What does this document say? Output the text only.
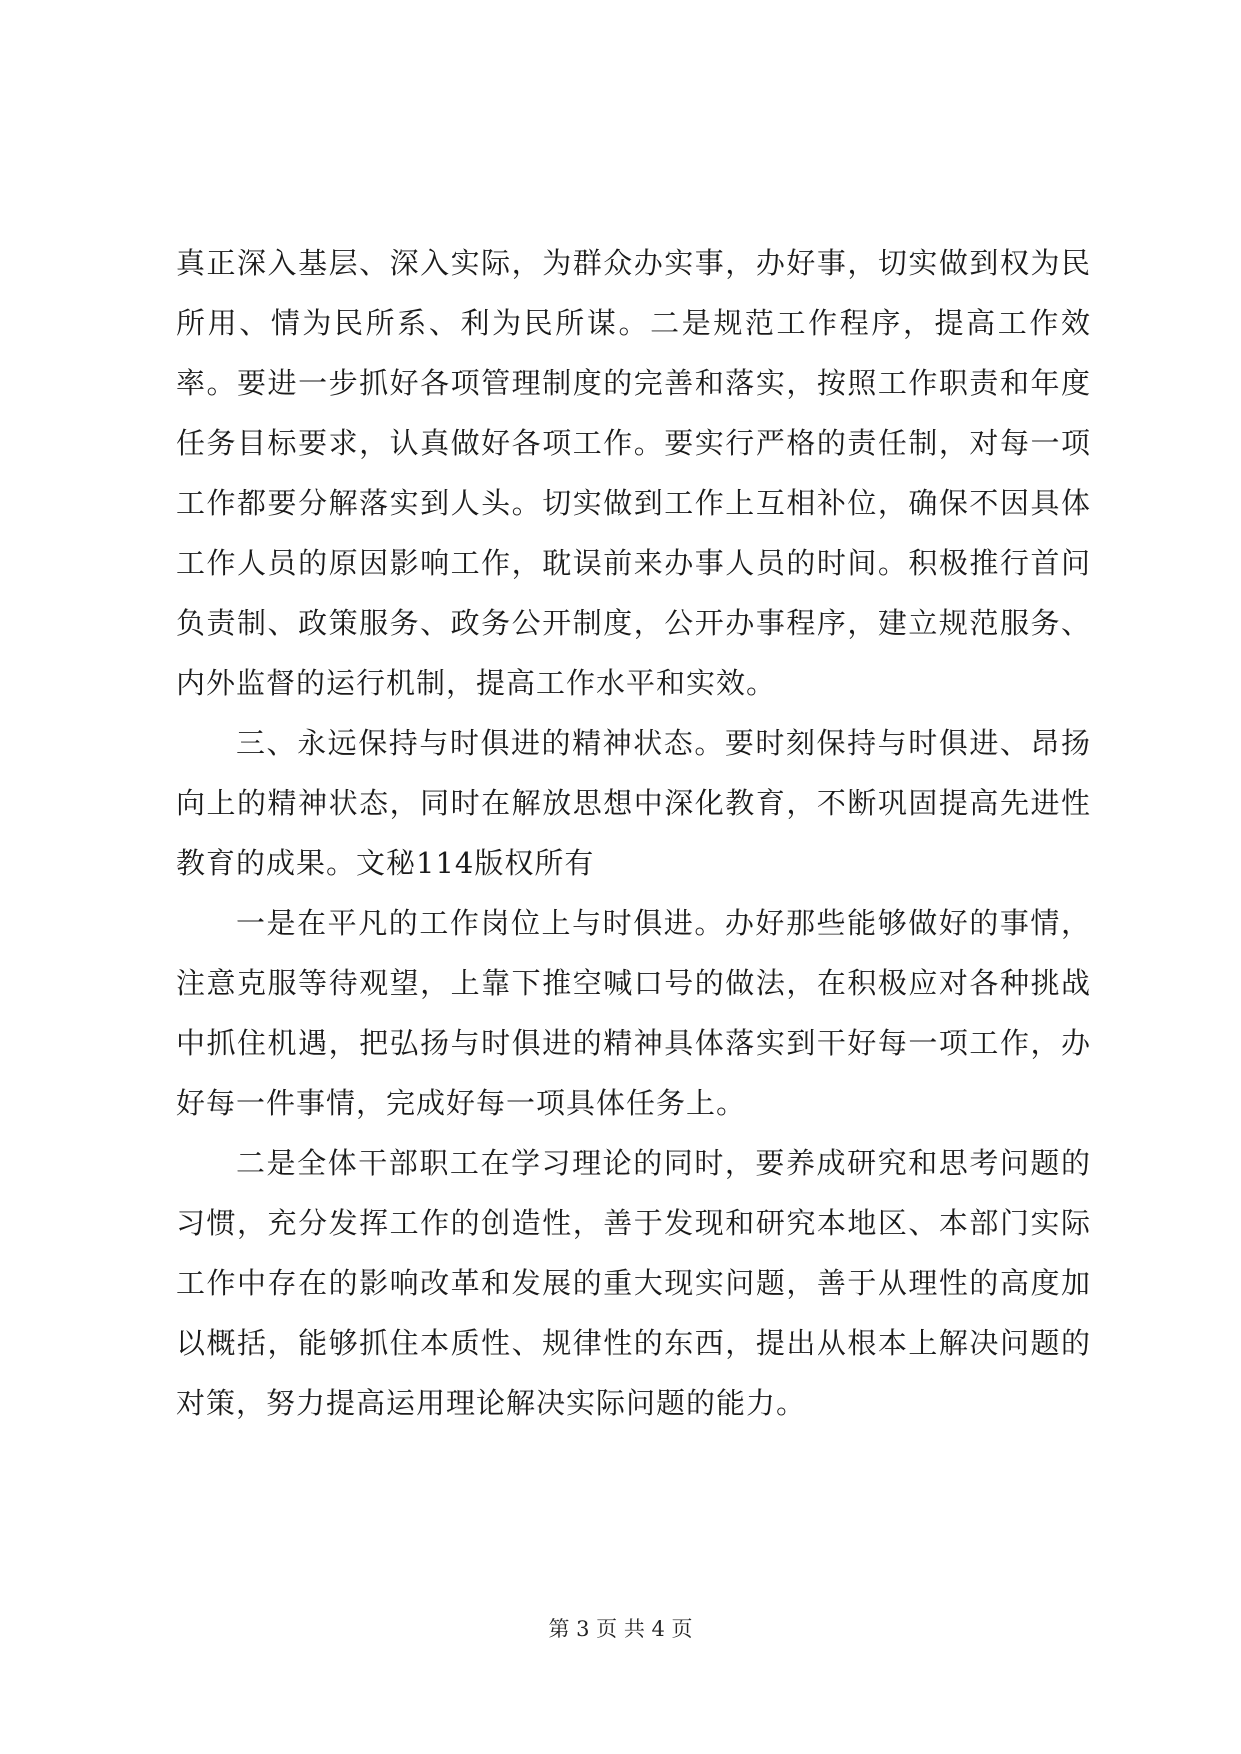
真正深入基层、深入实际，为群众办实事，办好事，切实做到权为民所用、情为民所系、利为民所谋。二是规范工作程序，提高工作效率。要进一步抓好各项管理制度的完善和落实，按照工作职责和年度任务目标要求，认真做好各项工作。要实行严格的责任制，对每一项工作都要分解落实到人头。切实做到工作上互相补位，确保不因具体工作人员的原因影响工作，耽误前来办事人员的时间。积极推行首问负责制、政策服务、政务公开制度，公开办事程序，建立规范服务、内外监督的运行机制，提高工作水平和实效。

三、永远保持与时俱进的精神状态。要时刻保持与时俱进、昂扬向上的精神状态，同时在解放思想中深化教育，不断巩固提高先进性教育的成果。文秘114版权所有

一是在平凡的工作岗位上与时俱进。办好那些能够做好的事情，注意克服等待观望，上靠下推空喊口号的做法，在积极应对各种挑战中抓住机遇，把弘扬与时俱进的精神具体落实到干好每一项工作，办好每一件事情，完成好每一项具体任务上。

二是全体干部职工在学习理论的同时，要养成研究和思考问题的习惯，充分发挥工作的创造性，善于发现和研究本地区、本部门实际工作中存在的影响改革和发展的重大现实问题，善于从理性的高度加以概括，能够抓住本质性、规律性的东西，提出从根本上解决问题的对策，努力提高运用理论解决实际问题的能力。

第 3 页 共 4 页
